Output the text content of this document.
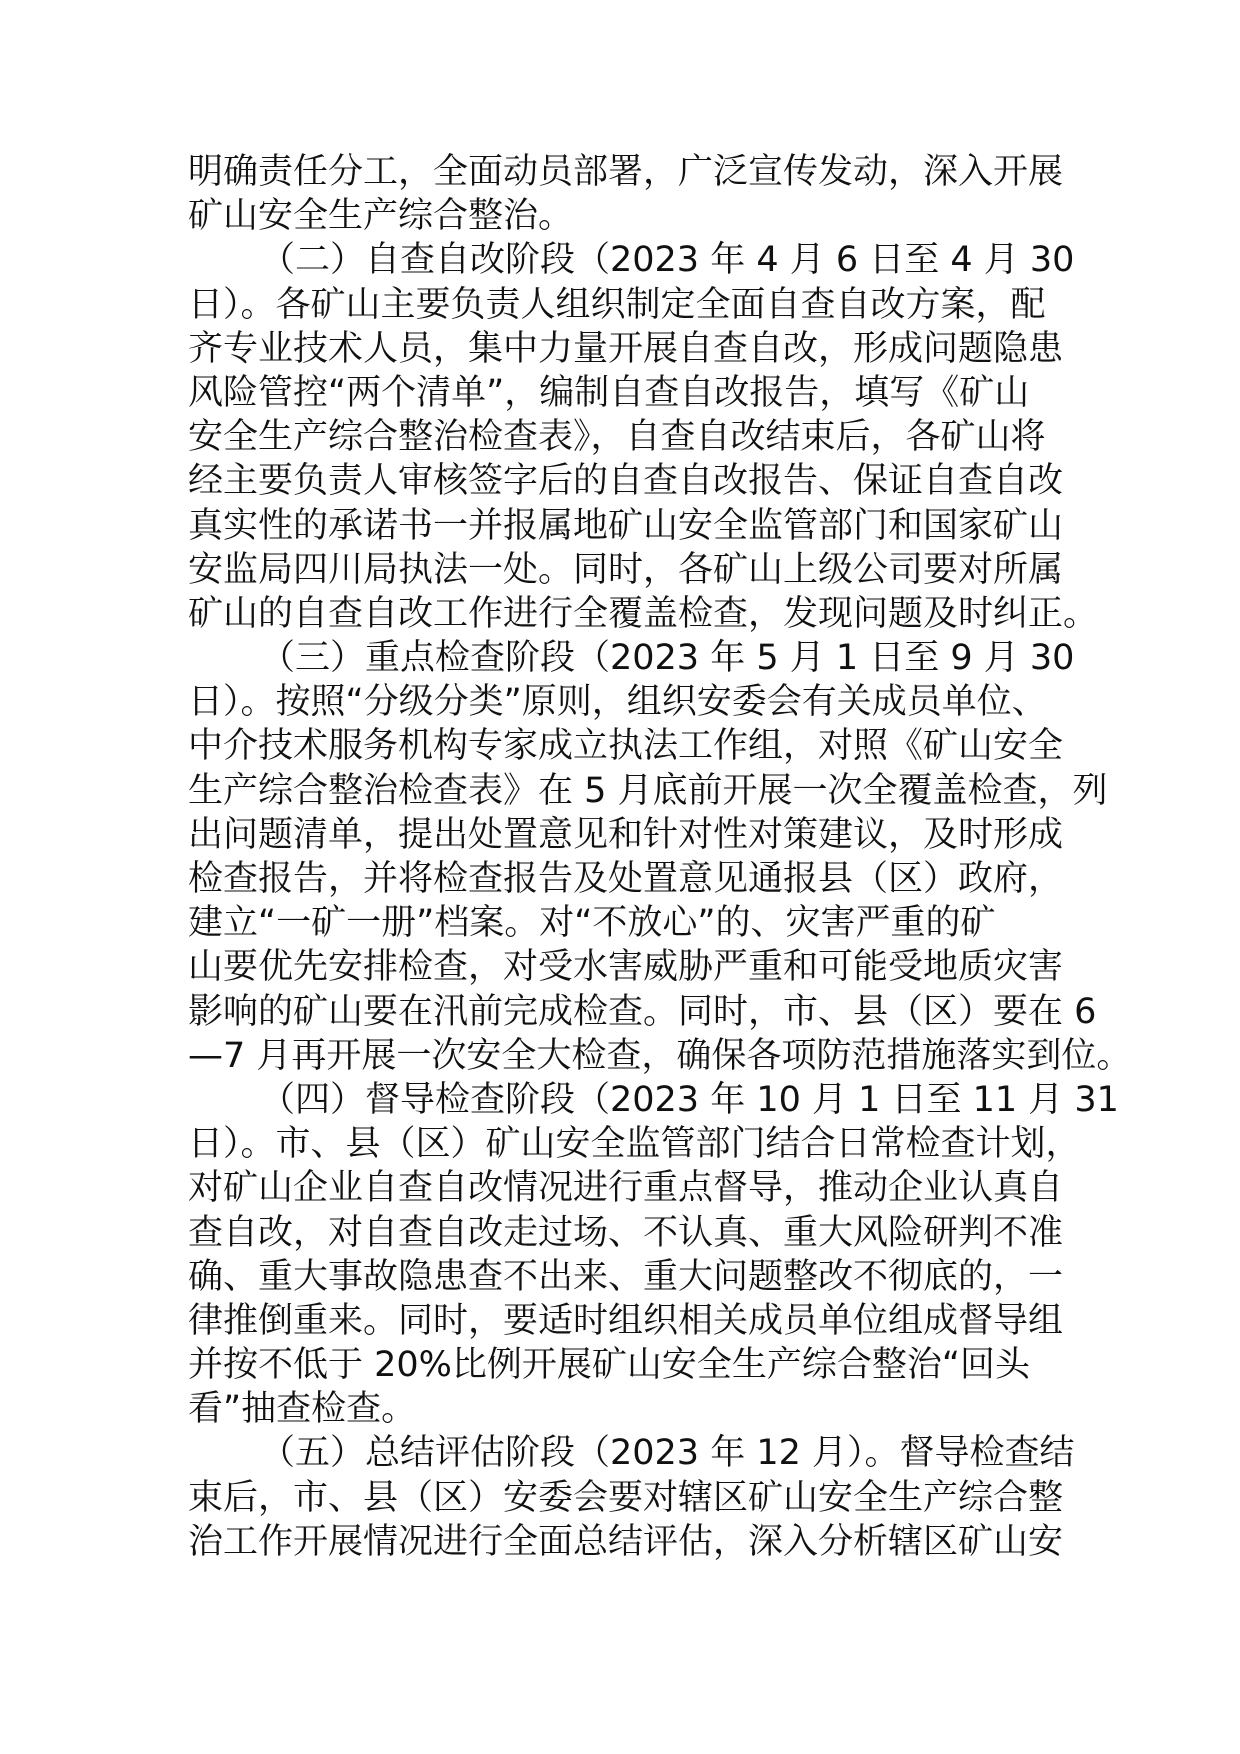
明确责任分工，全面动员部署，广泛宣传发动，深入开展
矿山安全生产综合整治。
（二）自查自改阶段（2023 年 4 月 6 日至 4 月 30
日）。各矿山主要负责人组织制定全面自查自改方案，配
齐专业技术人员，集中力量开展自查自改，形成问题隐患
风险管控“两个清单”，编制自查自改报告，填写《矿山
安全生产综合整治检查表》，自查自改结束后，各矿山将
经主要负责人审核签字后的自查自改报告、保证自查自改
真实性的承诺书一并报属地矿山安全监管部门和国家矿山
安监局四川局执法一处。同时，各矿山上级公司要对所属
矿山的自查自改工作进行全覆盖检查，发现问题及时纠正。
（三）重点检查阶段（2023 年 5 月 1 日至 9 月 30
日）。按照“分级分类”原则，组织安委会有关成员单位、
中介技术服务机构专家成立执法工作组，对照《矿山安全
生产综合整治检查表》在 5 月底前开展一次全覆盖检查，列
出问题清单，提出处置意见和针对性对策建议，及时形成
检查报告，并将检查报告及处置意见通报县（区）政府，
建立“一矿一册”档案。对“不放心”的、灾害严重的矿
山要优先安排检查，对受水害威胁严重和可能受地质灾害
影响的矿山要在汛前完成检查。同时，市、县（区）要在 6
—7 月再开展一次安全大检查，确保各项防范措施落实到位。
（四）督导检查阶段（2023 年 10 月 1 日至 11 月 31
日）。市、县（区）矿山安全监管部门结合日常检查计划，
对矿山企业自查自改情况进行重点督导，推动企业认真自
查自改，对自查自改走过场、不认真、重大风险研判不准
确、重大事故隐患查不出来、重大问题整改不彻底的，一
律推倒重来。同时，要适时组织相关成员单位组成督导组
并按不低于 20%比例开展矿山安全生产综合整治“回头
看”抽查检查。
（五）总结评估阶段（2023 年 12 月）。督导检查结
束后，市、县（区）安委会要对辖区矿山安全生产综合整
治工作开展情况进行全面总结评估，深入分析辖区矿山安
